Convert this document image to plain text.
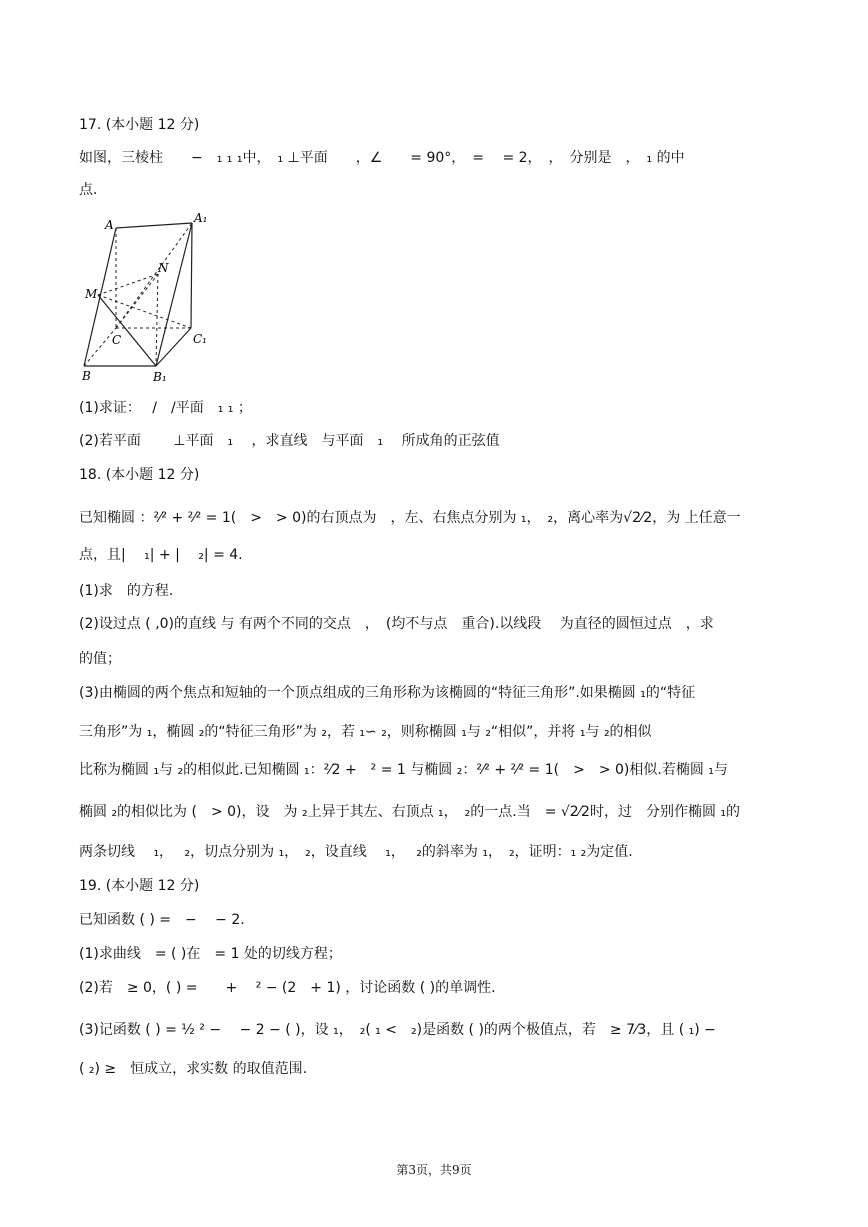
17. (本小题 12 分)
如图，三棱柱　　−　₁ ₁ ₁中，　₁ ⊥平面　　，∠　　= 90°，　=　 = 2，　，　分别是　，　₁ 的中
点.
(1)求证：　 /　/平面　₁ ₁ ；
(2)若平面　　 ⊥平面　₁　 ，求直线　与平面　₁　 所成角的正弦值
18. (本小题 12 分)
已知椭圆 ：²⁄² + ²⁄² = 1(　>　> 0)的右顶点为　，左、右焦点分别为 ₁，　₂，离心率为√2⁄2，为 上任意一
点，且|　 ₁| + |　 ₂| = 4.
(1)求　的方程.
(2)设过点 ( ,0)的直线 与 有两个不同的交点　，　(均不与点　重合).以线段　 为直径的圆恒过点　，求
的值；
(3)由椭圆的两个焦点和短轴的一个顶点组成的三角形称为该椭圆的“特征三角形”.如果椭圆 ₁的“特征
三角形”为 ₁，椭圆 ₂的“特征三角形”为 ₂，若 ₁∽ ₂，则称椭圆 ₁与 ₂“相似”，并将 ₁与 ₂的相似
比称为椭圆 ₁与 ₂的相似此.已知椭圆 ₁：²⁄2 +　² = 1 与椭圆 ₂：²⁄² + ²⁄² = 1(　>　> 0)相似.若椭圆 ₁与
椭圆 ₂的相似比为 (　> 0)，设　为 ₂上异于其左、右顶点 ₁，　₂的一点.当　= √2⁄2时，过　分别作椭圆 ₁的
两条切线　 ₁，　 ₂，切点分别为 ₁，　₂，设直线　 ₁，　 ₂的斜率为 ₁，　₂，证明：₁ ₂为定值.
19. (本小题 12 分)
已知函数 ( ) =　−　 − 2.
(1)求曲线　= ( )在　= 1 处的切线方程；
(2)若　≥ 0，( ) =　　+　 ² − (2　+ 1) ，讨论函数 ( )的单调性.
(3)记函数 ( ) = ½ ² −　 − 2 − ( )，设 ₁，　₂( ₁ <　₂)是函数 ( )的两个极值点，若　≥ 7⁄3，且 ( ₁) −
( ₂) ≥　恒成立，求实数 的取值范围.
A	A₁
N
M
C	C₁
B	B₁
第3页，共9页
